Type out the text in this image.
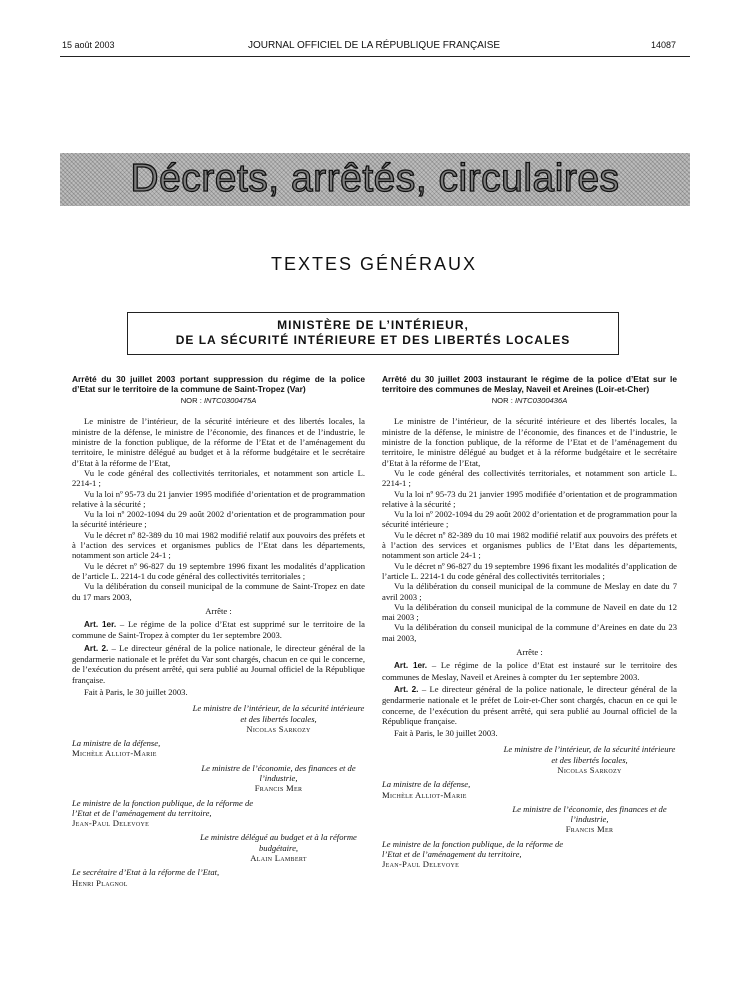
15 août 2003	JOURNAL OFFICIEL DE LA RÉPUBLIQUE FRANÇAISE	14087
Décrets, arrêtés, circulaires
TEXTES GÉNÉRAUX
MINISTÈRE DE L’INTÉRIEUR,
DE LA SÉCURITÉ INTÉRIEURE ET DES LIBERTÉS LOCALES
Arrêté du 30 juillet 2003 portant suppression du régime de la police d’Etat sur le territoire de la commune de Saint-Tropez (Var)
NOR : INTC0300475A

Le ministre de l’intérieur, de la sécurité intérieure et des libertés locales, la ministre de la défense, le ministre de l’économie, des finances et de l’industrie, le ministre de la fonction publique, de la réforme de l’Etat et de l’aménagement du territoire, le ministre délégué au budget et à la réforme budgétaire et le secrétaire d’Etat à la réforme de l’Etat,

Vu le code général des collectivités territoriales, et notamment son article L. 2214-1 ;

Vu la loi nº 95-73 du 21 janvier 1995 modifiée d’orientation et de programmation relative à la sécurité ;

Vu la loi nº 2002-1094 du 29 août 2002 d’orientation et de programmation pour la sécurité intérieure ;

Vu le décret nº 82-389 du 10 mai 1982 modifié relatif aux pouvoirs des préfets et à l’action des services et organismes publics de l’Etat dans les départements, notamment son article 24-1 ;

Vu le décret nº 96-827 du 19 septembre 1996 fixant les modalités d’application de l’article L. 2214-1 du code général des collectivités territoriales ;

Vu la délibération du conseil municipal de la commune de Saint-Tropez en date du 17 mars 2003,

Arrête :

Art. 1er. – Le régime de la police d’Etat est supprimé sur le territoire de la commune de Saint-Tropez à compter du 1er septembre 2003.

Art. 2. – Le directeur général de la police nationale, le directeur général de la gendarmerie nationale et le préfet du Var sont chargés, chacun en ce qui le concerne, de l’exécution du présent arrêté, qui sera publié au Journal officiel de la République française.

Fait à Paris, le 30 juillet 2003.
Le ministre de l’intérieur, de la sécurité intérieure et des libertés locales,
Nicolas Sarkozy
La ministre de la défense,
Michèle Alliot-Marie
Le ministre de l’économie, des finances et de l’industrie,
Francis Mer
Le ministre de la fonction publique, de la réforme de l’Etat et de l’aménagement du territoire,
Jean-Paul Delevoye
Le ministre délégué au budget et à la réforme budgétaire,
Alain Lambert
Le secrétaire d’Etat à la réforme de l’Etat,
Henri Plagnol
Arrêté du 30 juillet 2003 instaurant le régime de la police d’Etat sur le territoire des communes de Meslay, Naveil et Areines (Loir-et-Cher)
NOR : INTC0300436A

Le ministre de l’intérieur, de la sécurité intérieure et des libertés locales, la ministre de la défense, le ministre de l’économie, des finances et de l’industrie, le ministre de la fonction publique, de la réforme de l’Etat et de l’aménagement du territoire, le ministre délégué au budget et à la réforme budgétaire et le secrétaire d’Etat à la réforme de l’Etat,

Vu le code général des collectivités territoriales, et notamment son article L. 2214-1 ;

Vu la loi nº 95-73 du 21 janvier 1995 modifiée d’orientation et de programmation relative à la sécurité ;

Vu la loi nº 2002-1094 du 29 août 2002 d’orientation et de programmation pour la sécurité intérieure ;

Vu le décret nº 82-389 du 10 mai 1982 modifié relatif aux pouvoirs des préfets et à l’action des services et organismes publics de l’Etat dans les départements, notamment son article 24-1 ;

Vu le décret nº 96-827 du 19 septembre 1996 fixant les modalités d’application de l’article L. 2214-1 du code général des collectivités territoriales ;

Vu la délibération du conseil municipal de la commune de Meslay en date du 7 avril 2003 ;

Vu la délibération du conseil municipal de la commune de Naveil en date du 12 mai 2003 ;

Vu la délibération du conseil municipal de la commune d’Areines en date du 23 mai 2003,

Arrête :

Art. 1er. – Le régime de la police d’Etat est instauré sur le territoire des communes de Meslay, Naveil et Areines à compter du 1er septembre 2003.

Art. 2. – Le directeur général de la police nationale, le directeur général de la gendarmerie nationale et le préfet de Loir-et-Cher sont chargés, chacun en ce qui le concerne, de l’exécution du présent arrêté, qui sera publié au Journal officiel de la République française.

Fait à Paris, le 30 juillet 2003.
Le ministre de l’intérieur, de la sécurité intérieure et des libertés locales,
Nicolas Sarkozy
La ministre de la défense,
Michèle Alliot-Marie
Le ministre de l’économie, des finances et de l’industrie,
Francis Mer
Le ministre de la fonction publique, de la réforme de l’Etat et de l’aménagement du territoire,
Jean-Paul Delevoye
